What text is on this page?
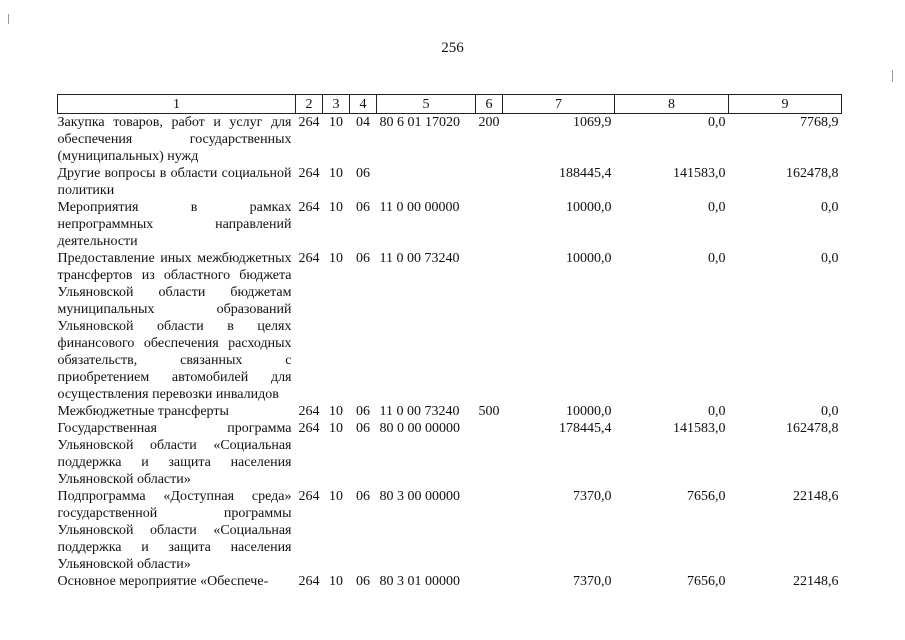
256
1	2	3	4	5	6	7	8	9
Закупка товаров, работ и услуг для обеспечения государственных (муниципальных) нужд	264	10	04	80 6 01 17020	200	1069,9	0,0	7768,9
Другие вопросы в области социальной политики	264	10	06			188445,4	141583,0	162478,8
Мероприятия в рамках непрограммных направлений деятельности	264	10	06	11 0 00 00000		10000,0	0,0	0,0
Предоставление иных межбюджетных трансфертов из областного бюджета Ульяновской области бюджетам муниципальных образований Ульяновской области в целях финансового обеспечения расходных обязательств, связанных с приобретением автомобилей для осуществления перевозки инвалидов	264	10	06	11 0 00 73240		10000,0	0,0	0,0
Межбюджетные трансферты	264	10	06	11 0 00 73240	500	10000,0	0,0	0,0
Государственная программа Ульяновской области «Социальная поддержка и защита населения Ульяновской области»	264	10	06	80 0 00 00000		178445,4	141583,0	162478,8
Подпрограмма «Доступная среда» государственной программы Ульяновской области «Социальная поддержка и защита населения Ульяновской области»	264	10	06	80 3 00 00000		7370,0	7656,0	22148,6
Основное мероприятие «Обеспече-	264	10	06	80 3 01 00000		7370,0	7656,0	22148,6
